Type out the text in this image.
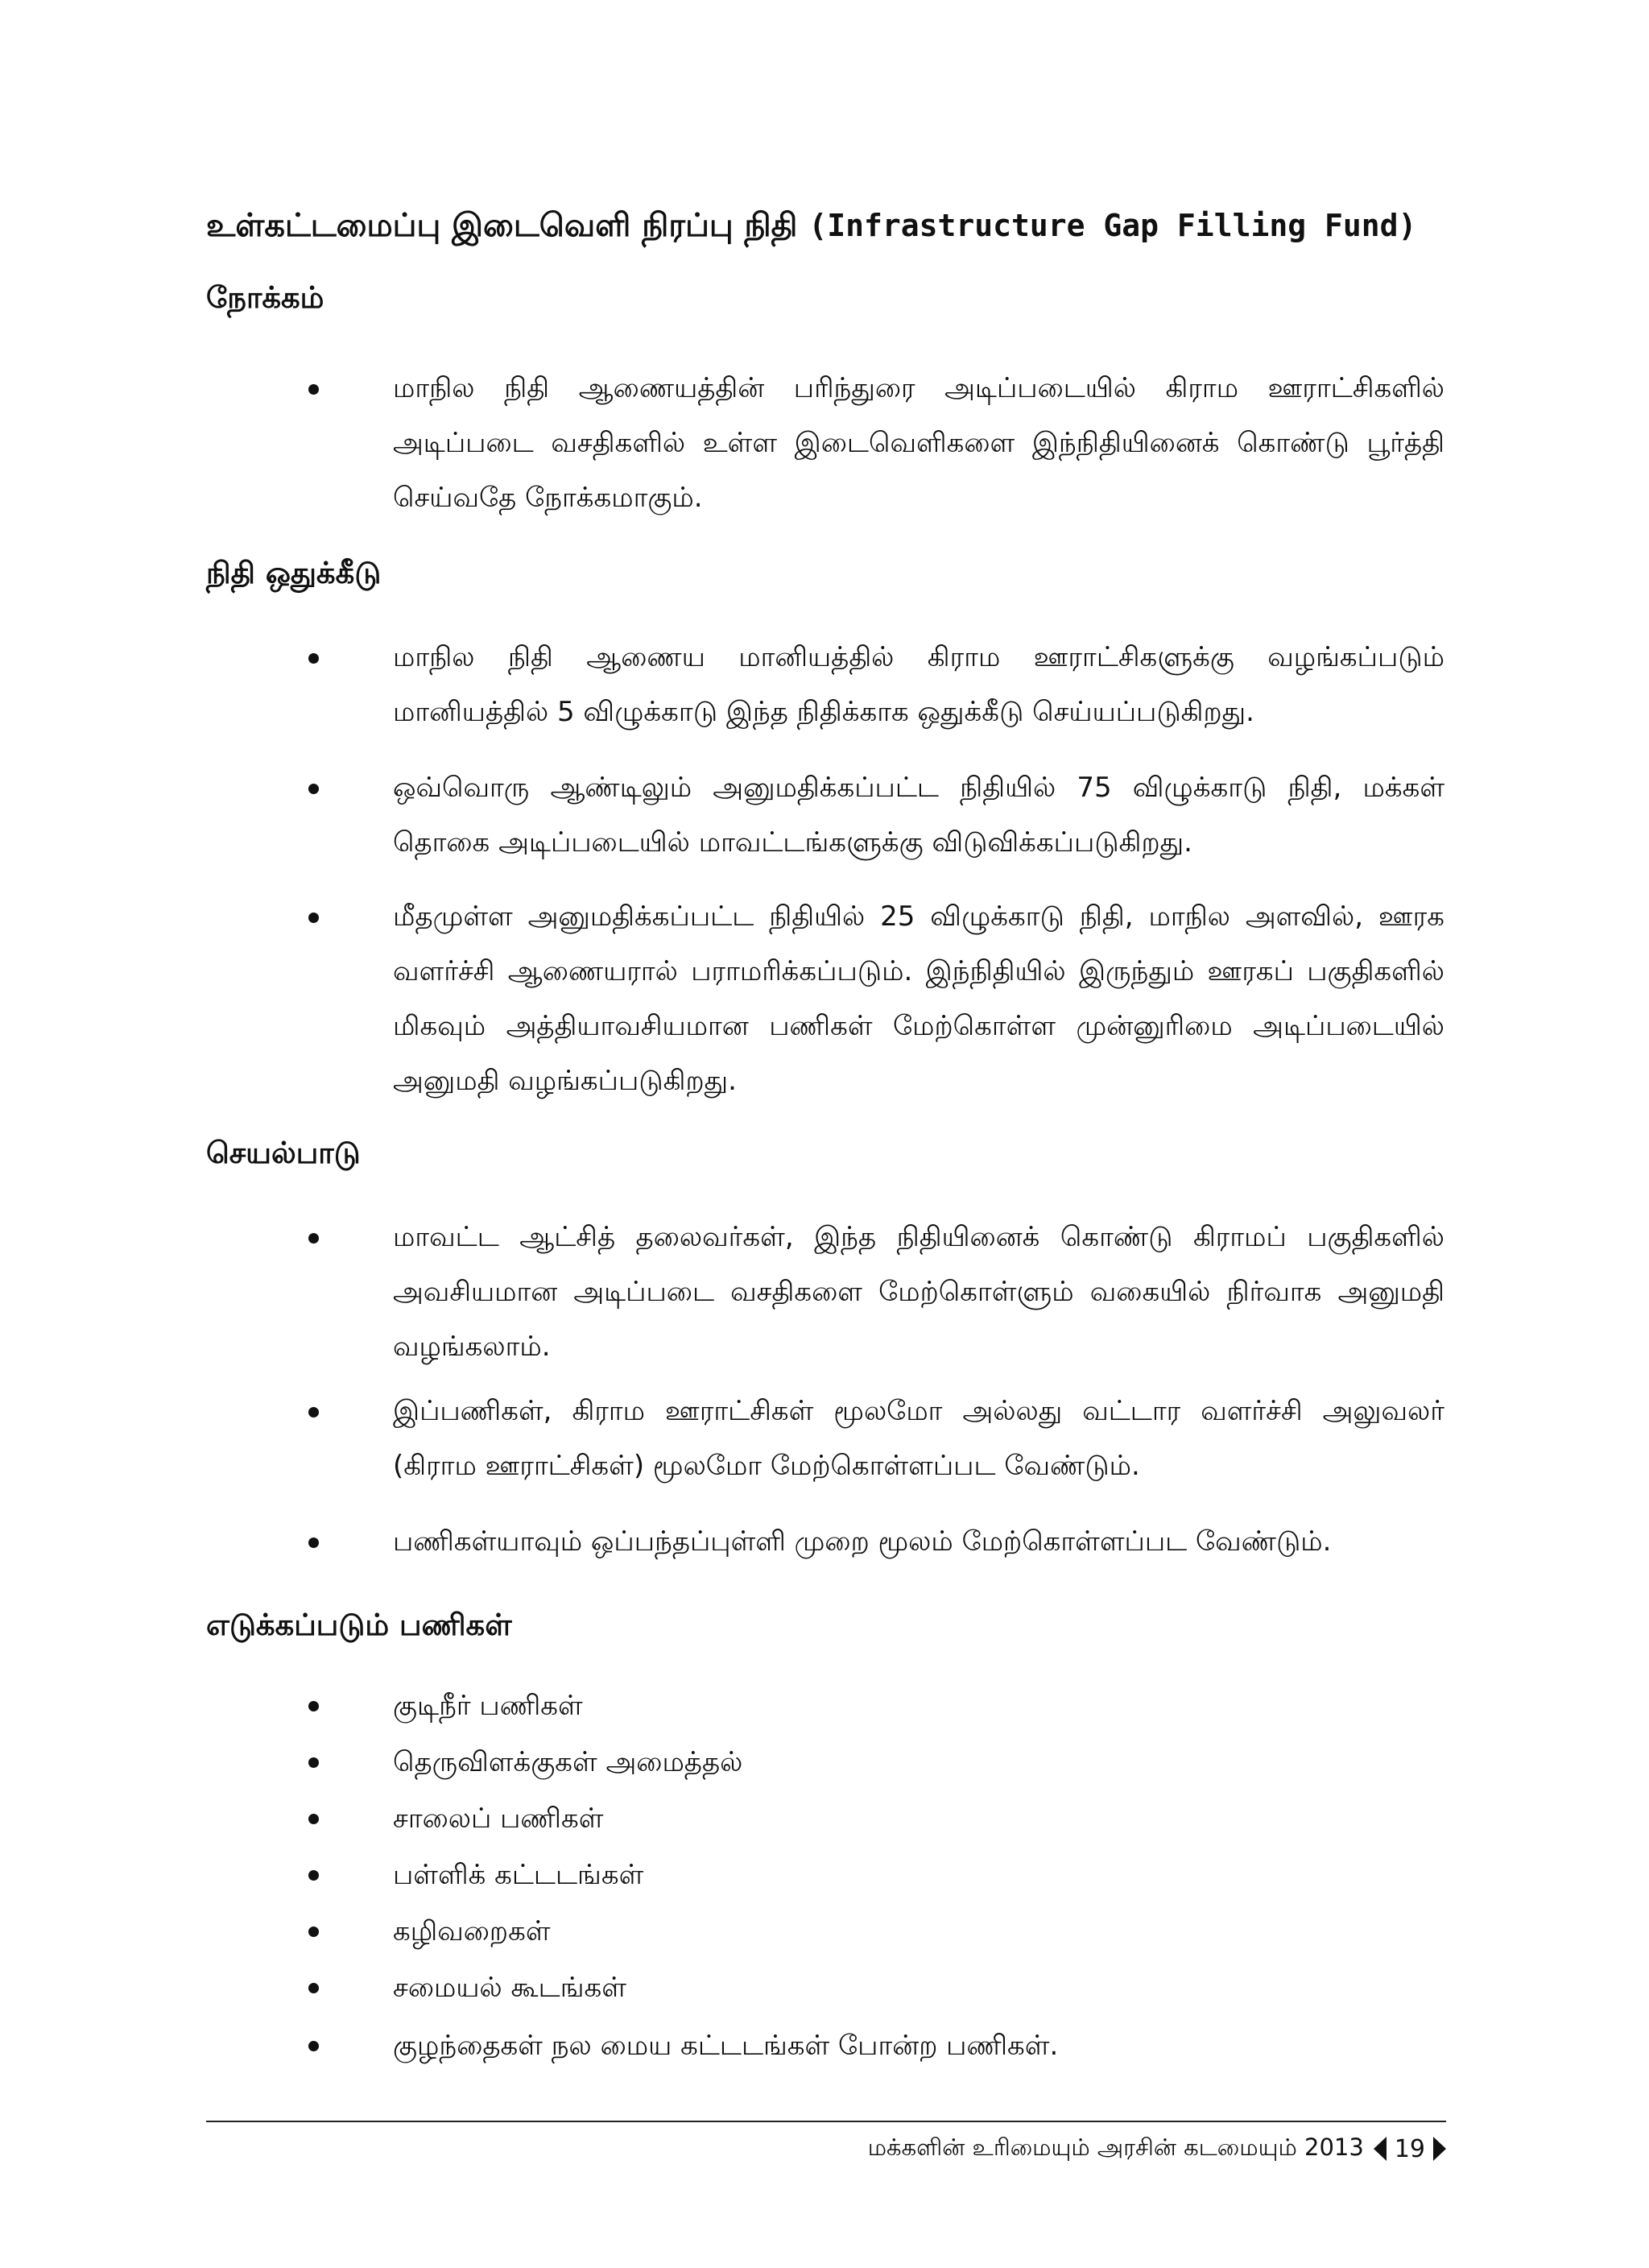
உள்கட்டமைப்பு இடைவெளி நிரப்பு நிதி (Infrastructure Gap Filling Fund)
நோக்கம்
மாநில நிதி ஆணையத்தின் பரிந்துரை அடிப்படையில் கிராம ஊராட்சிகளில் அடிப்படை வசதிகளில் உள்ள இடைவெளிகளை இந்நிதியினைக் கொண்டு பூர்த்தி செய்வதே நோக்கமாகும்.
நிதி ஒதுக்கீடு
மாநில நிதி ஆணைய மானியத்தில் கிராம ஊராட்சிகளுக்கு வழங்கப்படும் மானியத்தில் 5 விழுக்காடு இந்த நிதிக்காக ஒதுக்கீடு செய்யப்படுகிறது.
ஒவ்வொரு ஆண்டிலும் அனுமதிக்கப்பட்ட நிதியில் 75 விழுக்காடு நிதி, மக்கள் தொகை அடிப்படையில் மாவட்டங்களுக்கு விடுவிக்கப்படுகிறது.
மீதமுள்ள அனுமதிக்கப்பட்ட நிதியில் 25 விழுக்காடு நிதி, மாநில அளவில், ஊரக வளர்ச்சி ஆணையரால் பராமரிக்கப்படும். இந்நிதியில் இருந்தும் ஊரகப் பகுதிகளில் மிகவும் அத்தியாவசியமான பணிகள் மேற்கொள்ள முன்னுரிமை அடிப்படையில் அனுமதி வழங்கப்படுகிறது.
செயல்பாடு
மாவட்ட ஆட்சித் தலைவர்கள், இந்த நிதியினைக் கொண்டு கிராமப் பகுதிகளில் அவசியமான அடிப்படை வசதிகளை மேற்கொள்ளும் வகையில் நிர்வாக அனுமதி வழங்கலாம்.
இப்பணிகள், கிராம ஊராட்சிகள் மூலமோ அல்லது வட்டார வளர்ச்சி அலுவலர் (கிராம ஊராட்சிகள்) மூலமோ மேற்கொள்ளப்பட வேண்டும்.
பணிகள்யாவும் ஒப்பந்தப்புள்ளி முறை மூலம் மேற்கொள்ளப்பட வேண்டும்.
எடுக்கப்படும் பணிகள்
குடிநீர் பணிகள்
தெருவிளக்குகள் அமைத்தல்
சாலைப் பணிகள்
பள்ளிக் கட்டடங்கள்
கழிவறைகள்
சமையல் கூடங்கள்
குழந்தைகள் நல மைய கட்டடங்கள் போன்ற பணிகள்.
மக்களின் உரிமையும் அரசின் கடமையும் 2013 19
